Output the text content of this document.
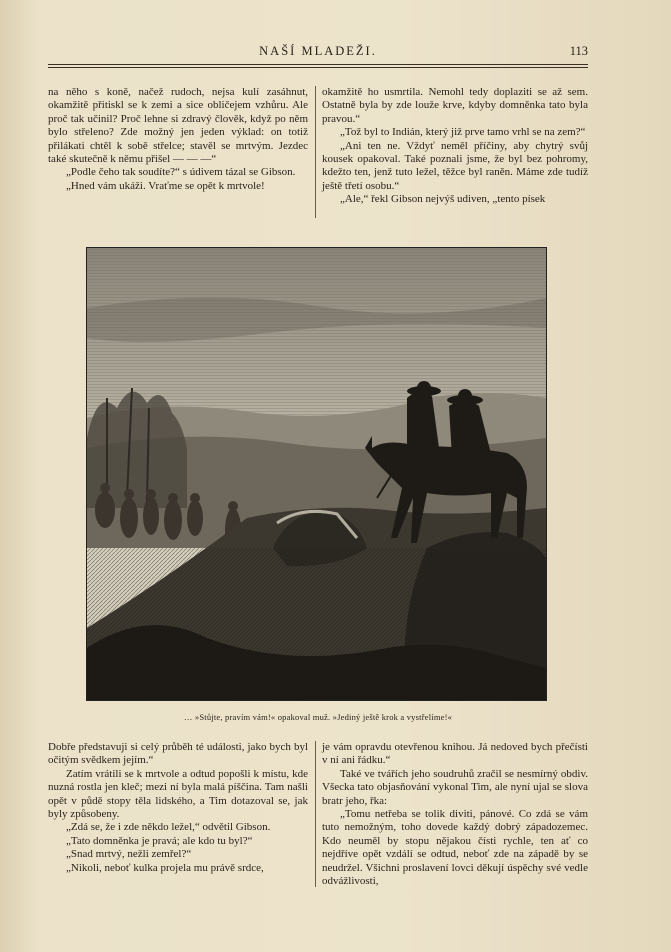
NAŠÍ MLADEŽI.	113

na něho s koně, načež rudoch, nejsa kulí zasáhnut, okamžitě přitiskl se k zemi a sice obličejem vzhůru. Ale proč tak učinil? Proč lehne si zdravý člověk, když po něm bylo střeleno? Zde možný jen jeden výklad: on totiž přilákati chtěl k sobě střelce; stavěl se mrtvým. Jezdec také skutečně k němu přišel — — —“

„Podle čeho tak soudíte?“ s údivem tázal se Gibson.

„Hned vám ukáži. Vraťme se opět k mrtvole!

okamžitě ho usmrtila. Nemohl tedy doplaziti se až sem. Ostatně byla by zde louže krve, kdyby domněnka tato byla pravou.“

„Tož byl to Indián, který již prve tamo vrhl se na zem?“

„Ani ten ne. Vždyť neměl příčiny, aby chytrý svůj kousek opakoval. Také poznali jsme, že byl bez pohromy, kdežto ten, jenž tuto ležel, těžce byl raněn. Máme zde tudíž ještě třetí osobu.“

„Ale,“ řekl Gibson nejvýš udiven, „tento písek

… »Stůjte, pravím vám!« opakoval muž. »Jediný ještě krok a vystřelíme!«

Dobře představuji si celý průběh té události, jako bych byl očitým svědkem jejím.“

Zatím vrátili se k mrtvole a odtud popošli k místu, kde nuzná rostla jen kleč; mezi ní byla malá píščina. Tam našli opět v půdě stopy těla lidského, a Tim dotazoval se, jak byly způsobeny.

„Zdá se, že i zde někdo ležel,“ odvětil Gibson.

„Tato domněnka je pravá; ale kdo tu byl?“

„Snad mrtvý, nežli zemřel?“

„Nikoli, neboť kulka projela mu právě srdce,

je vám opravdu otevřenou knihou. Já nedoved bych přečísti v ní ani řádku.“

Také ve tvářích jeho soudruhů zračil se nesmírný obdiv. Všecka tato objasňování vykonal Tim, ale nyní ujal se slova bratr jeho, řka:

„Tomu netřeba se tolik diviti, pánové. Co zdá se vám tuto nemožným, toho dovede každý dobrý západozemec. Kdo neuměl by stopu nějakou čísti rychle, ten ať co nejdříve opět vzdálí se odtud, neboť zde na západě by se neudržel. Všichni proslavení lovci děkují úspěchy své vedle odvážlivosti,
